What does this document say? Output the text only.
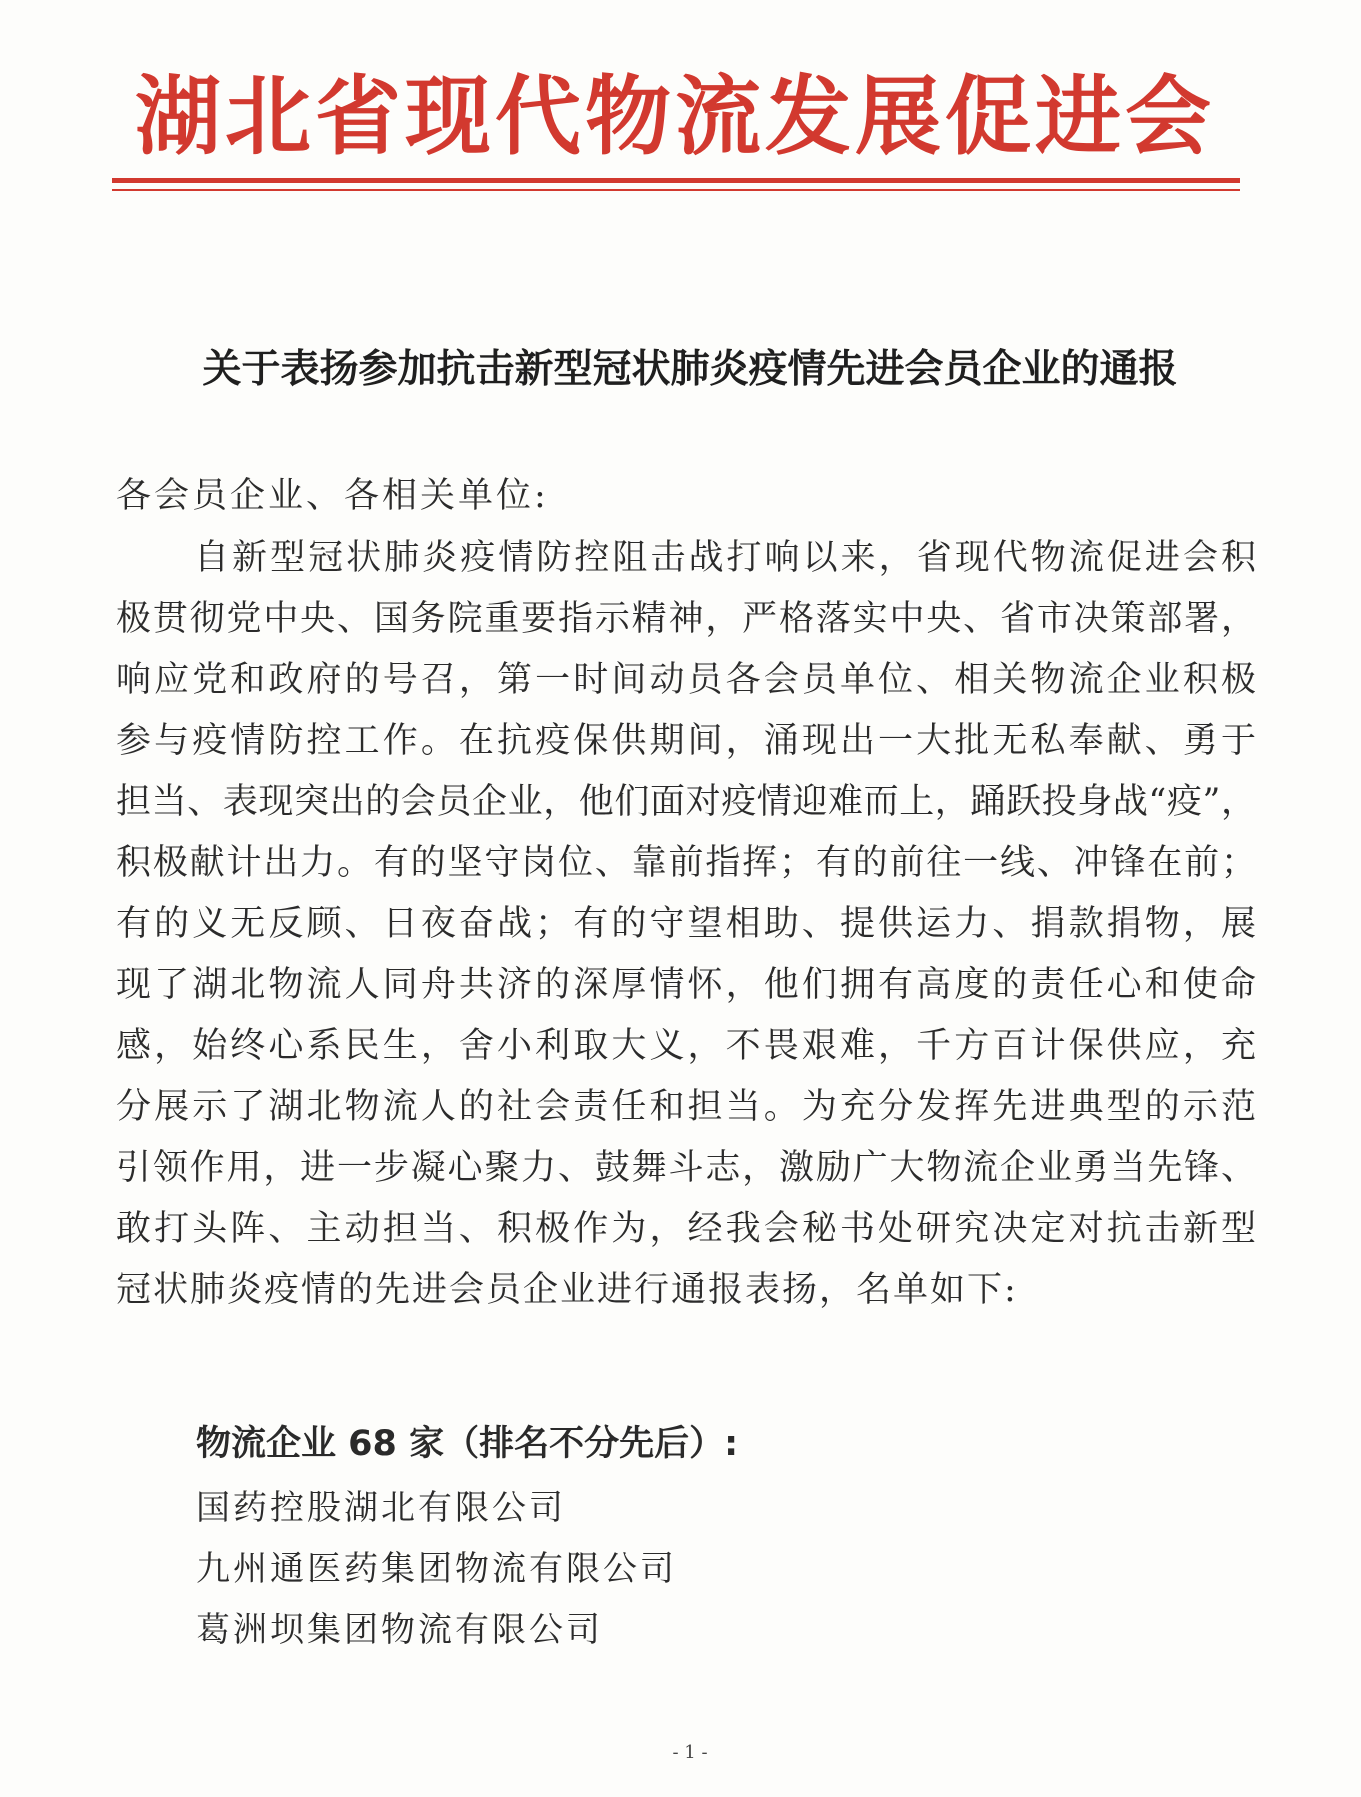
湖北省现代物流发展促进会
关于表扬参加抗击新型冠状肺炎疫情先进会员企业的通报
各会员企业、各相关单位:
自新型冠状肺炎疫情防控阻击战打响以来，省现代物流促进会积
极贯彻党中央、国务院重要指示精神，严格落实中央、省市决策部署，
响应党和政府的号召，第一时间动员各会员单位、相关物流企业积极
参与疫情防控工作。在抗疫保供期间，涌现出一大批无私奉献、勇于
担当、表现突出的会员企业，他们面对疫情迎难而上，踊跃投身战“疫”，
积极献计出力。有的坚守岗位、靠前指挥；有的前往一线、冲锋在前；
有的义无反顾、日夜奋战；有的守望相助、提供运力、捐款捐物，展
现了湖北物流人同舟共济的深厚情怀，他们拥有高度的责任心和使命
感，始终心系民生，舍小利取大义，不畏艰难，千方百计保供应，充
分展示了湖北物流人的社会责任和担当。为充分发挥先进典型的示范
引领作用，进一步凝心聚力、鼓舞斗志，激励广大物流企业勇当先锋、
敢打头阵、主动担当、积极作为，经我会秘书处研究决定对抗击新型
冠状肺炎疫情的先进会员企业进行通报表扬，名单如下:
物流企业 68 家（排名不分先后）:
国药控股湖北有限公司
九州通医药集团物流有限公司
葛洲坝集团物流有限公司
- 1 -
